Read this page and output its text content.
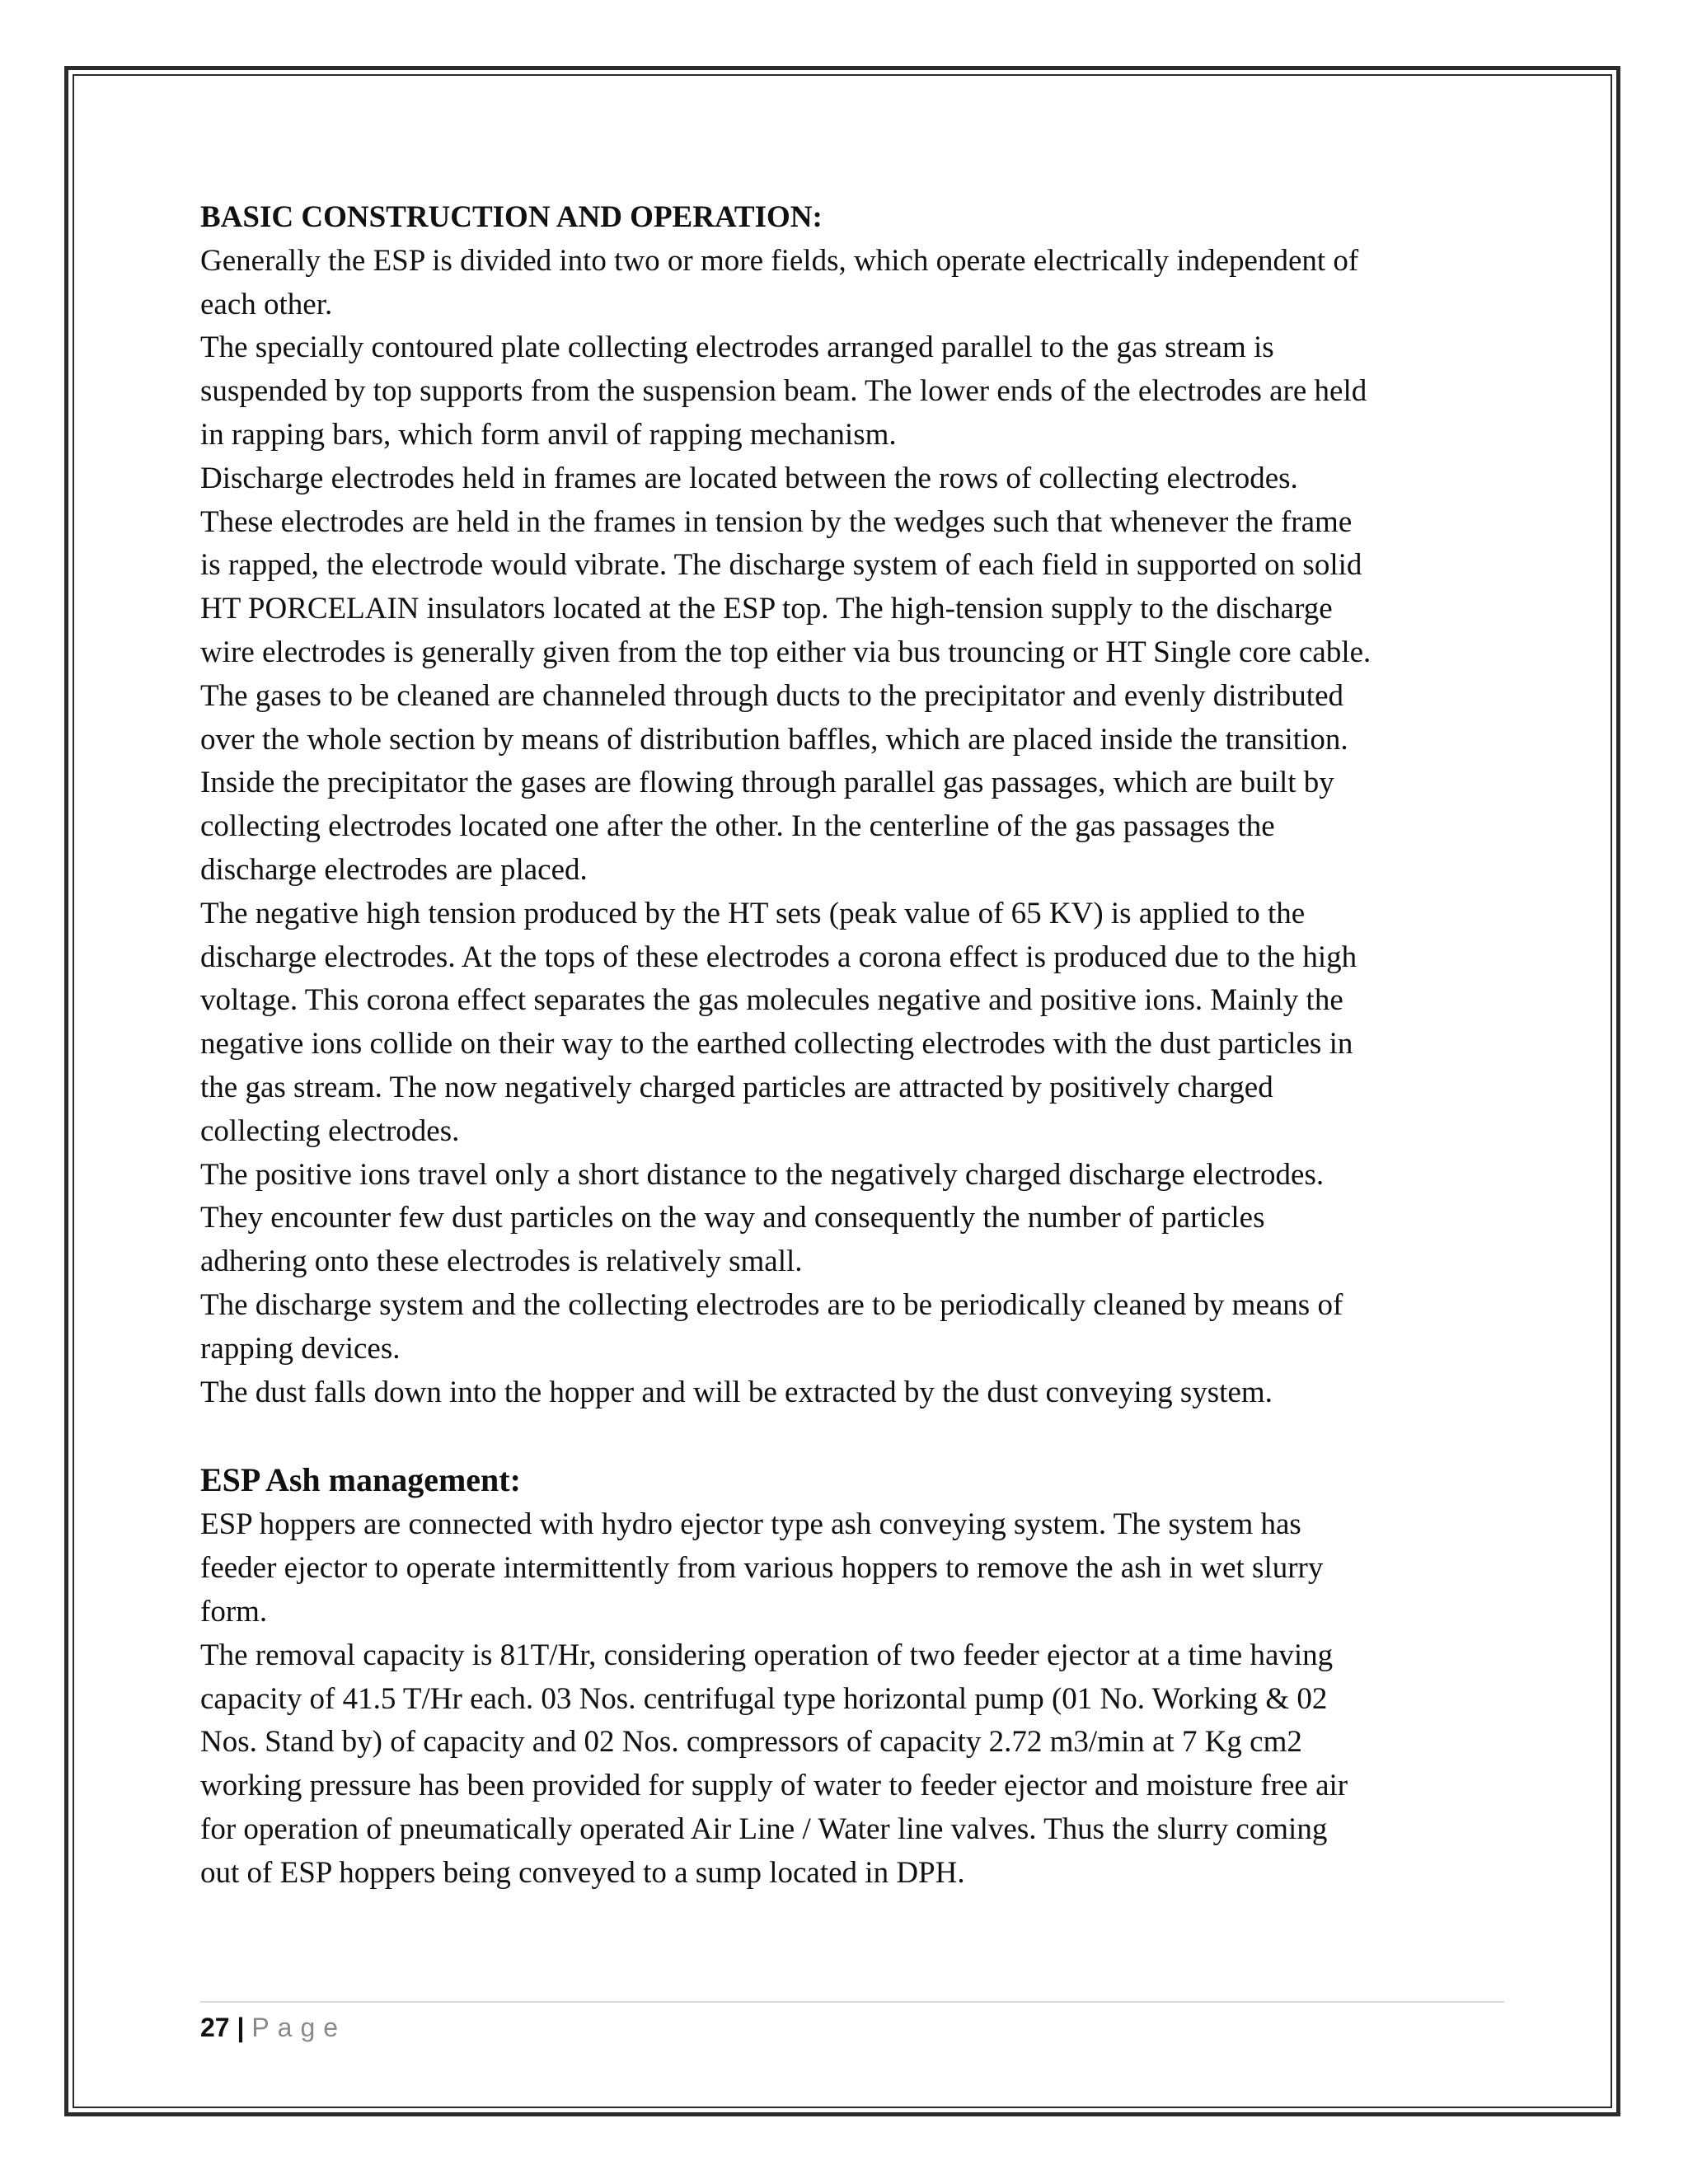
BASIC CONSTRUCTION AND OPERATION:

Generally the ESP is divided into two or more fields, which operate electrically independent of

each other.

The specially contoured plate collecting electrodes arranged parallel to the gas stream is

suspended by top supports from the suspension beam. The lower ends of the electrodes are held

in rapping bars, which form anvil of rapping mechanism.

Discharge electrodes held in frames are located between the rows of collecting electrodes.

These electrodes are held in the frames in tension by the wedges such that whenever the frame

is rapped, the electrode would vibrate. The discharge system of each field in supported on solid

HT PORCELAIN insulators located at the ESP top. The high-tension supply to the discharge

wire electrodes is generally given from the top either via bus trouncing or HT Single core cable.

The gases to be cleaned are channeled through ducts to the precipitator and evenly distributed

over the whole section by means of distribution baffles, which are placed inside the transition.

Inside the precipitator the gases are flowing through parallel gas passages, which are built by

collecting electrodes located one after the other. In the centerline of the gas passages the

discharge electrodes are placed.

The negative high tension produced by the HT sets (peak value of 65 KV) is applied to the

discharge electrodes. At the tops of these electrodes a corona effect is produced due to the high

voltage. This corona effect separates the gas molecules negative and positive ions. Mainly the

negative ions collide on their way to the earthed collecting electrodes with the dust particles in

the gas stream. The now negatively charged particles are attracted by positively charged

collecting electrodes.

The positive ions travel only a short distance to the negatively charged discharge electrodes.

They encounter few dust particles on the way and consequently the number of particles

adhering onto these electrodes is relatively small.

The discharge system and the collecting electrodes are to be periodically cleaned by means of

rapping devices.

The dust falls down into the hopper and will be extracted by the dust conveying system.

ESP Ash management:

ESP hoppers are connected with hydro ejector type ash conveying system. The system has

feeder ejector to operate intermittently from various hoppers to remove the ash in wet slurry

form.

The removal capacity is 81T/Hr, considering operation of two feeder ejector at a time having

capacity of 41.5 T/Hr each. 03 Nos. centrifugal type horizontal pump (01 No. Working & 02

Nos. Stand by) of capacity and 02 Nos. compressors of capacity 2.72 m3/min at 7 Kg cm2

working pressure has been provided for supply of water to feeder ejector and moisture free air

for operation of pneumatically operated Air Line / Water line valves. Thus the slurry coming

out of ESP hoppers being conveyed to a sump located in DPH.

27 | Page
